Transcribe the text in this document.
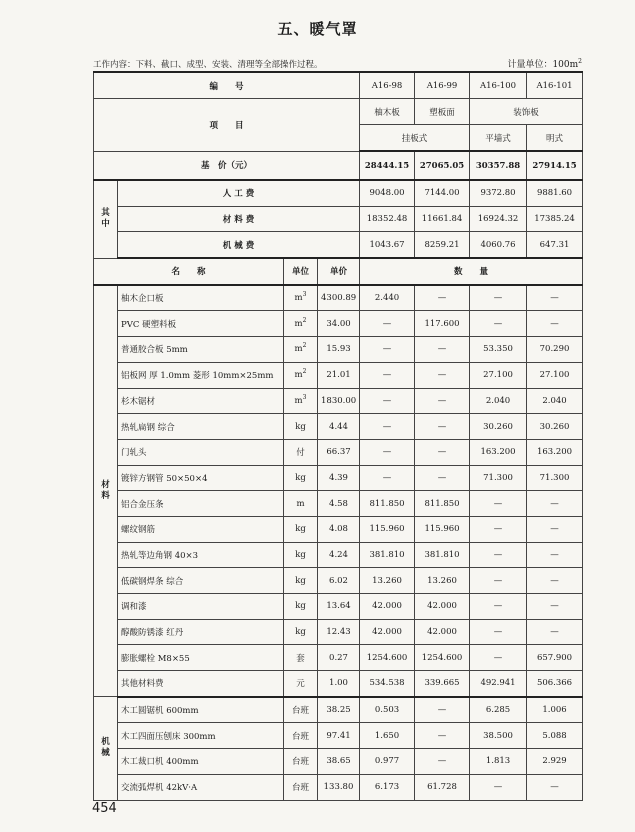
五、暖气罩
工作内容：下料、截口、成型、安装、清理等全部操作过程。	计量单位：$100m^2$
编　　号				A16-98	A16-99	A16-100	A16-101
项　　目				柚木板	塑板面	装饰板	
				挂板式		平墙式	明式
基　价（元）				28444.15	27065.05	30357.88	27914.15
其中	人 工 费			9048.00	7144.00	9372.80	9881.60
	材 料 费			18352.48	11661.84	16924.32	17385.24
	机 械 费			1043.67	8259.21	4060.76	647.31
名　　称		单位	单价	数　　量			
材料	柚木企口板	$m^3$	4300.89	2.440	—	—	—
	PVC 硬塑料板	$m^2$	34.00	—	117.600	—	—
	普通胶合板 5mm	$m^2$	15.93	—	—	53.350	70.290
	铝板网 厚 1.0mm 菱形 10mm×25mm	$m^2$	21.01	—	—	27.100	27.100
	杉木锯材	$m^3$	1830.00	—	—	2.040	2.040
	热轧扁钢 综合	kg	4.44	—	—	30.260	30.260
	门轧头	付	66.37	—	—	163.200	163.200
	镀锌方钢管 50×50×4	kg	4.39	—	—	71.300	71.300
	铝合金压条	m	4.58	811.850	811.850	—	—
	螺纹钢筋	kg	4.08	115.960	115.960	—	—
	热轧等边角钢 40×3	kg	4.24	381.810	381.810	—	—
	低碳钢焊条 综合	kg	6.02	13.260	13.260	—	—
	调和漆	kg	13.64	42.000	42.000	—	—
	醇酸防锈漆 红丹	kg	12.43	42.000	42.000	—	—
	膨胀螺栓 M8×55	套	0.27	1254.600	1254.600	—	657.900
	其他材料费	元	1.00	534.538	339.665	492.941	506.366
机械	木工圆锯机 600mm	台班	38.25	0.503	—	6.285	1.006
	木工四面压刨床 300mm	台班	97.41	1.650	—	38.500	5.088
	木工裁口机 400mm	台班	38.65	0.977	—	1.813	2.929
	交流弧焊机 42kV·A	台班	133.80	6.173	61.728	—	—
454
